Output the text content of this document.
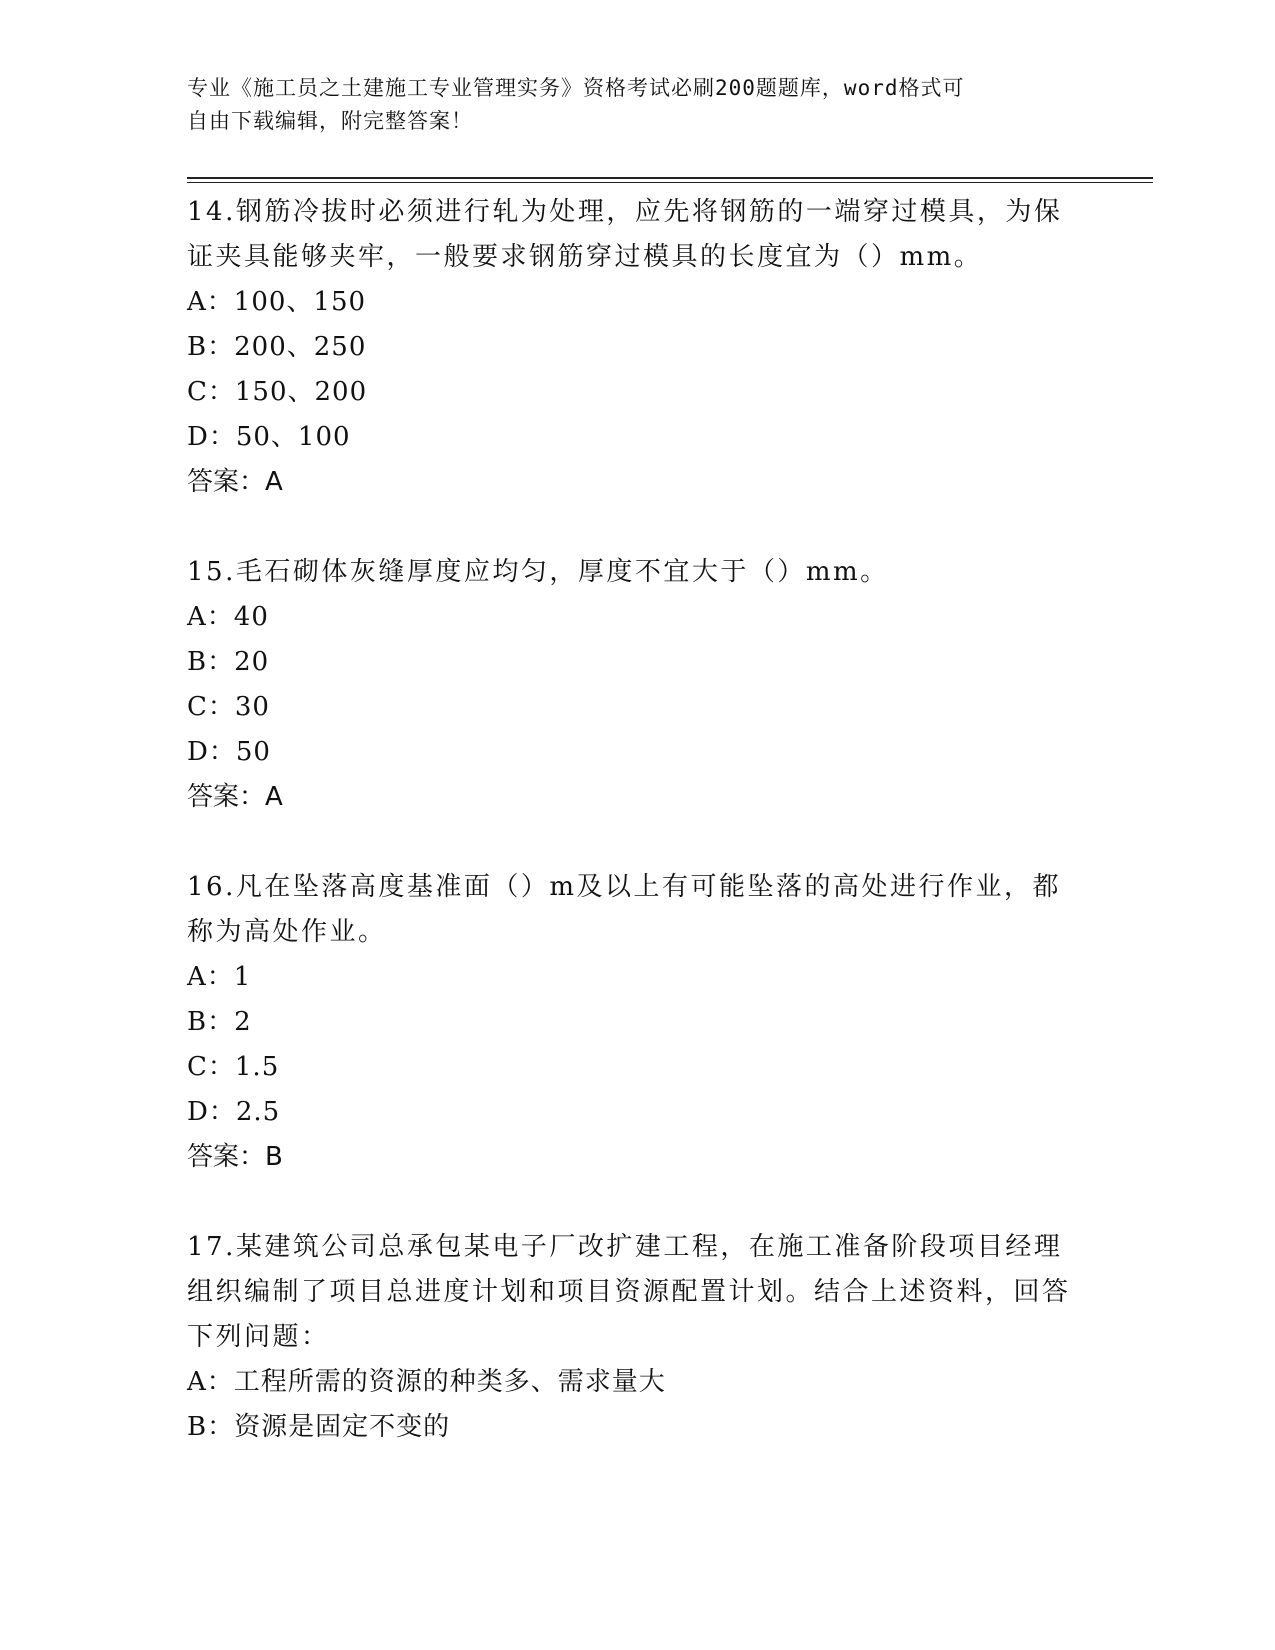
专业《施工员之土建施工专业管理实务》资格考试必刷200题题库，word格式可
自由下载编辑，附完整答案！
14.钢筋冷拔时必须进行轧为处理，应先将钢筋的一端穿过模具，为保证夹具能够夹牢，一般要求钢筋穿过模具的长度宜为（）mm。
A：100、150
B：200、250
C：150、200
D：50、100
答案：A
15.毛石砌体灰缝厚度应均匀，厚度不宜大于（）mm。
A：40
B：20
C：30
D：50
答案：A
16.凡在坠落高度基准面（）m及以上有可能坠落的高处进行作业，都称为高处作业。
A：1
B：2
C：1.5
D：2.5
答案：B
17.某建筑公司总承包某电子厂改扩建工程，在施工准备阶段项目经理组织编制了项目总进度计划和项目资源配置计划。结合上述资料，回答下列问题：
A：工程所需的资源的种类多、需求量大
B：资源是固定不变的
